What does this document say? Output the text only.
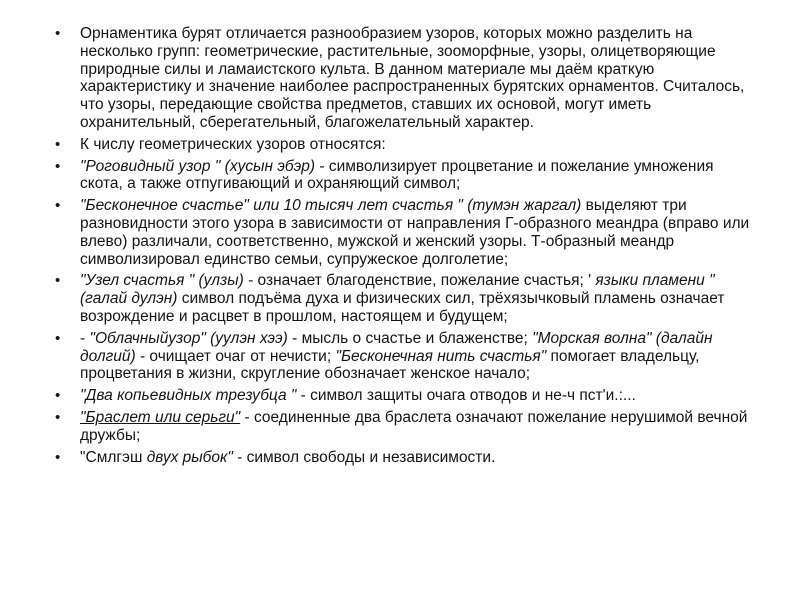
• Орнаментика бурят отличается разнообразием узоров, которых можно разделить на несколько групп: геометрические, растительные, зооморфные, узоры, олицетворяющие природные силы и ламаистского культа. В данном материале мы даём краткую характеристику и значение наиболее распространенных бурятских орнаментов. Считалось, что узоры, передающие свойства предметов, ставших их основой, могут иметь охранительный, сберегательный, благожелательный характер.
• К числу геометрических узоров относятся:
• "Роговидный узор " (хусын эбэр) - символизирует процветание и пожелание умножения скота, а также отпугивающий и охраняющий символ;
• "Бесконечное счастье" или 10 тысяч лет счастья " (тумэн жаргал) выделяют три разновидности этого узора в зависимости от направления Г-образного меандра (вправо или влево) различали, соответственно, мужской и женский узоры. Т-образный меандр символизировал единство семьи, супружеское долголетие;
• "Узел счастья " (улзы) - означает благоденствие, пожелание счастья; ' языки пламени " (галай дулэн) символ подъёма духа и физических сил, трёхязычковый пламень означает возрождение и расцвет в прошлом, настоящем и будущем;
• - "Облачныйузор" (уулэн хээ) - мысль о счастье и блаженстве; "Морская волна" (далайн долгий) - очищает очаг от нечисти; "Бесконечная нить счастья" помогает владельцу, процветания в жизни, скругление обозначает женское начало;
• "Два копьевидных трезубца " - символ защиты очага отводов и не-ч пст'и.:...
• "Браслет или серьги" - соединенные два браслета означают пожелание нерушимой вечной дружбы;
• "Смлгэш двух рыбок" - символ свободы и независимости.
